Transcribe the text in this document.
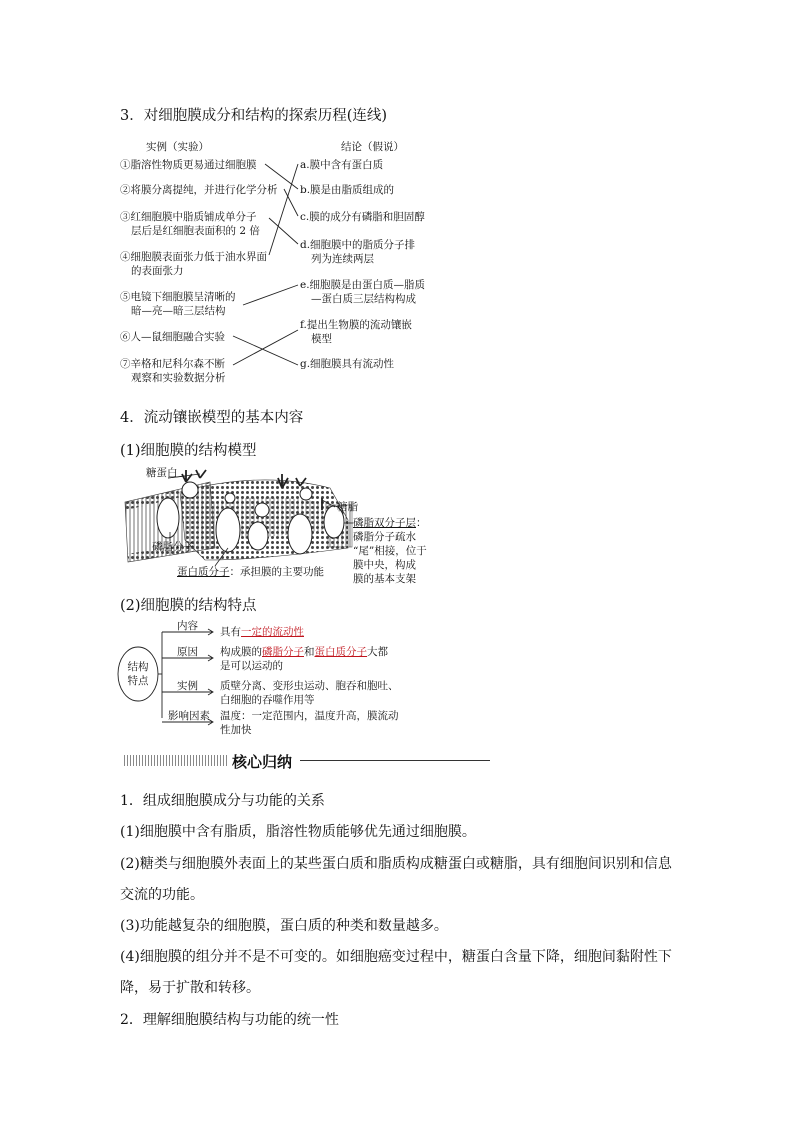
3．对细胞膜成分和结构的探索历程(连线)
实例（实验）	结论（假说）
①脂溶性物质更易通过细胞膜
②将膜分离提纯，并进行化学分析
③红细胞膜中脂质铺成单分子
层后是红细胞表面积的 2 倍
④细胞膜表面张力低于油水界面
的表面张力
⑤电镜下细胞膜呈清晰的
暗—亮—暗三层结构
⑥人—鼠细胞融合实验
⑦辛格和尼科尔森不断
观察和实验数据分析
a.膜中含有蛋白质
b.膜是由脂质组成的
c.膜的成分有磷脂和胆固醇
d.细胞膜中的脂质分子排
列为连续两层
e.细胞膜是由蛋白质—脂质
—蛋白质三层结构构成
f.提出生物膜的流动镶嵌
模型
g.细胞膜具有流动性
4．流动镶嵌模型的基本内容
(1)细胞膜的结构模型
糖蛋白
糖脂
磷脂分子
蛋白质分子：承担膜的主要功能
磷脂双分子层：
磷脂分子疏水
“尾”相接，位于
膜中央，构成
膜的基本支架
(2)细胞膜的结构特点
结构
特点
内容
原因
实例
影响因素
具有一定的流动性
构成膜的磷脂分子和蛋白质分子大都
是可以运动的
质壁分离、变形虫运动、胞吞和胞吐、
白细胞的吞噬作用等
温度：一定范围内，温度升高，膜流动
性加快
核心归纳
1．组成细胞膜成分与功能的关系
(1)细胞膜中含有脂质，脂溶性物质能够优先通过细胞膜。
(2)糖类与细胞膜外表面上的某些蛋白质和脂质构成糖蛋白或糖脂，具有细胞间识别和信息
交流的功能。
(3)功能越复杂的细胞膜，蛋白质的种类和数量越多。
(4)细胞膜的组分并不是不可变的。如细胞癌变过程中，糖蛋白含量下降，细胞间黏附性下
降，易于扩散和转移。
2．理解细胞膜结构与功能的统一性
